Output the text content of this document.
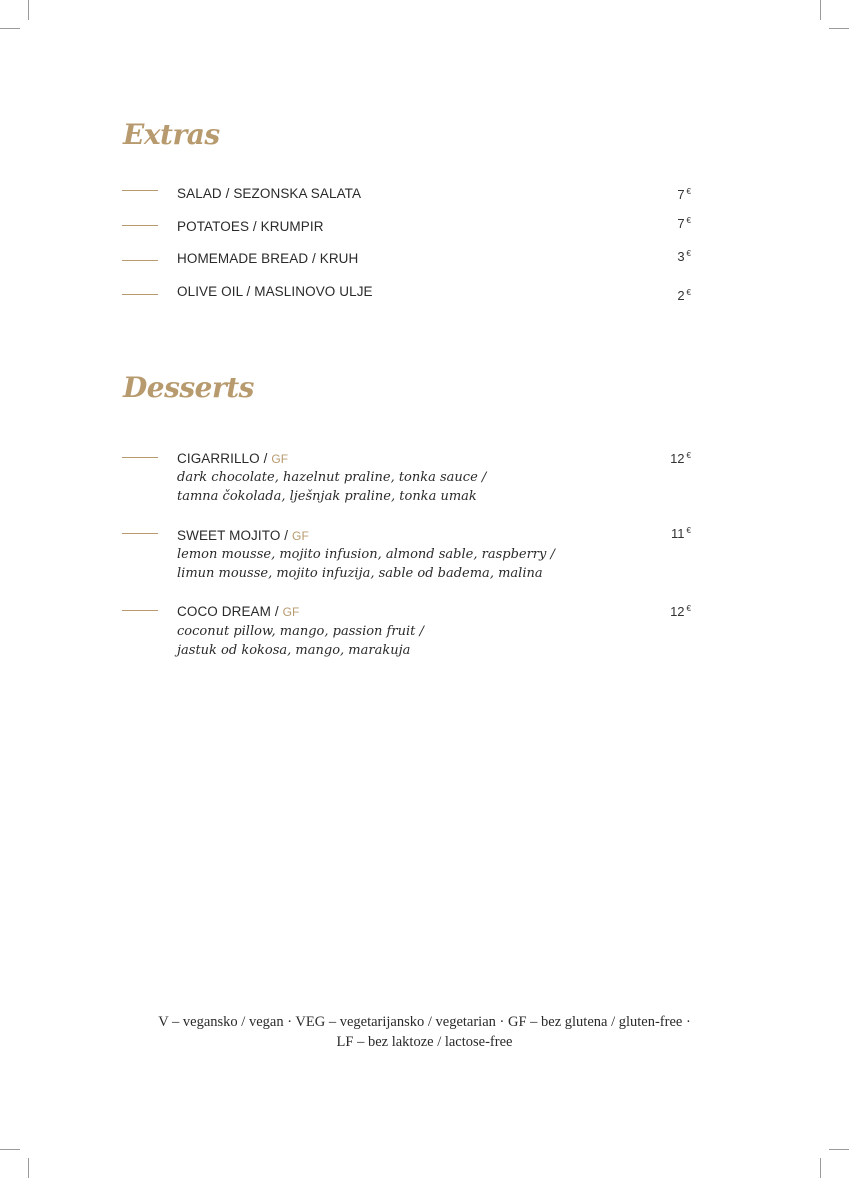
Extras
SALAD / SEZONSKA SALATA	7 €
POTATOES / KRUMPIR	7 €
HOMEMADE BREAD / KRUH	3 €
OLIVE OIL / MASLINOVO ULJE	2 €
Desserts
CIGARRILLO / GF	12 €
dark chocolate, hazelnut praline, tonka sauce /
tamna čokolada, lješnjak praline, tonka umak
SWEET MOJITO / GF	11 €
lemon mousse, mojito infusion, almond sable, raspberry /
limun mousse, mojito infuzija, sable od badema, malina
COCO DREAM / GF	12 €
coconut pillow, mango, passion fruit /
jastuk od kokosa, mango, marakuja
V – vegansko / vegan · VEG – vegetarijansko / vegetarian · GF – bez glutena / gluten-free ·
LF – bez laktoze / lactose-free
